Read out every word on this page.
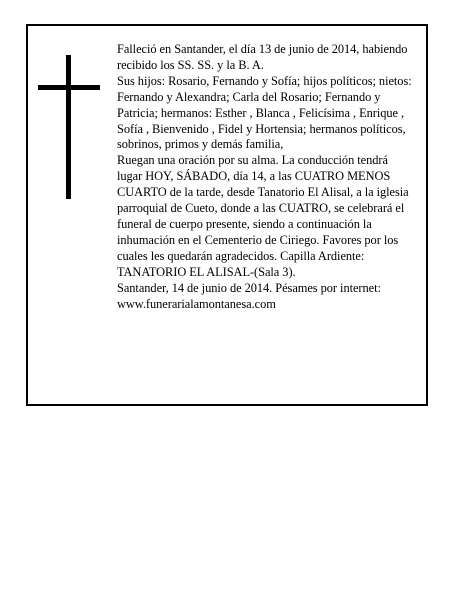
Falleció en Santander, el día 13 de junio de 2014, habiendo recibido los SS. SS. y la B. A.

Sus hijos: Rosario, Fernando y Sofía; hijos políticos; nietos: Fernando y Alexandra; Carla del Rosario; Fernando y Patricia; hermanos: Esther , Blanca , Felicísima , Enrique , Sofía , Bienvenido , Fidel y Hortensia; hermanos políticos, sobrinos, primos y demás familia,

Ruegan una oración por su alma. La conducción tendrá lugar HOY, SÁBADO, día 14, a las CUATRO MENOS CUARTO de la tarde, desde Tanatorio El Alisal, a la iglesia parroquial de Cueto, donde a las CUATRO, se celebrará el funeral de cuerpo presente, siendo a continuación la inhumación en el Cementerio de Ciriego. Favores por los cuales les quedarán agradecidos. Capilla Ardiente: TANATORIO EL ALISAL-(Sala 3).

Santander, 14 de junio de 2014. Pésames por internet: www.funerarialamontanesa.com
